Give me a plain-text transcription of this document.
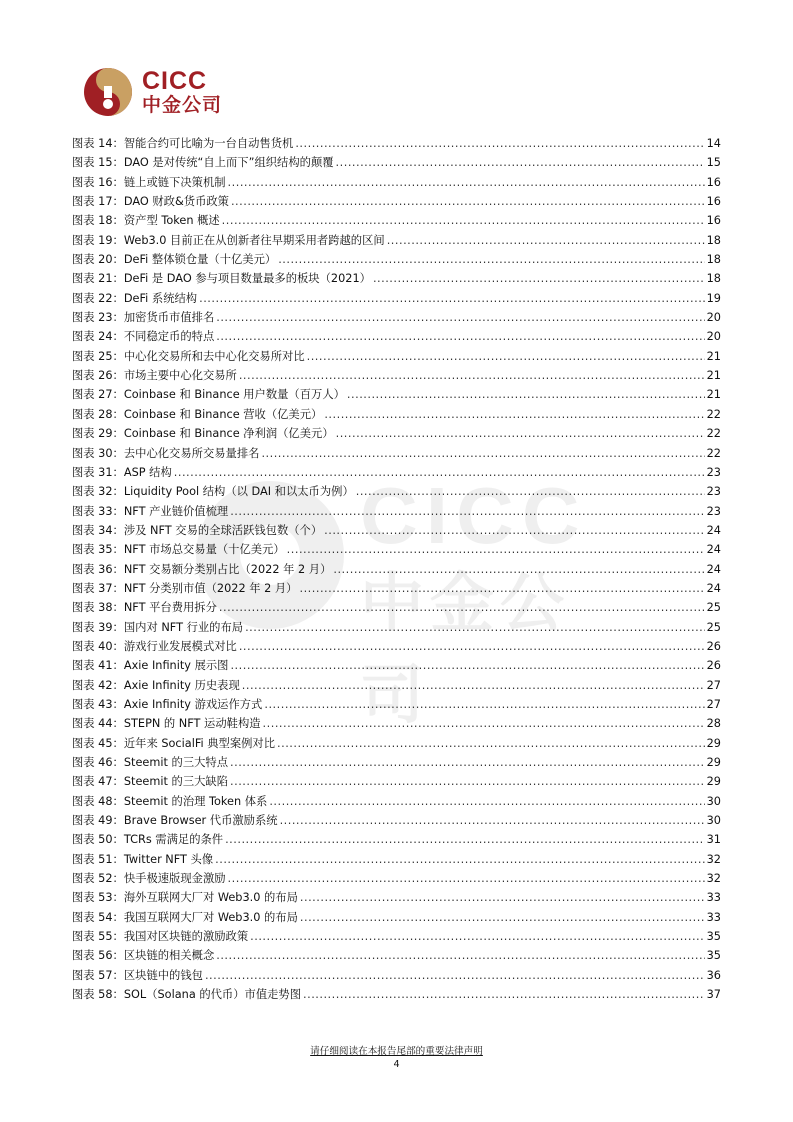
CICC
中金公司
CICC
中金公司
图表 14： 智能合约可比喻为一台自动售货机 .....	14
图表 15： DAO 是对传统“自上而下”组织结构的颠覆 .....	15
图表 16： 链上或链下决策机制 .....	16
图表 17： DAO 财政&货币政策 .....	16
图表 18： 资产型 Token 概述 .....	16
图表 19： Web3.0 目前正在从创新者往早期采用者跨越的区间 .....	18
图表 20： DeFi 整体锁仓量（十亿美元） .....	18
图表 21： DeFi 是 DAO 参与项目数量最多的板块（2021） .....	18
图表 22： DeFi 系统结构 .....	19
图表 23： 加密货币市值排名 .....	20
图表 24： 不同稳定币的特点 .....	20
图表 25： 中心化交易所和去中心化交易所对比 .....	21
图表 26： 市场主要中心化交易所 .....	21
图表 27： Coinbase 和 Binance 用户数量（百万人） .....	21
图表 28： Coinbase 和 Binance 营收（亿美元） .....	22
图表 29： Coinbase 和 Binance 净利润（亿美元） .....	22
图表 30： 去中心化交易所交易量排名 .....	22
图表 31： ASP 结构 .....	23
图表 32： Liquidity Pool 结构（以 DAI 和以太币为例） .....	23
图表 33： NFT 产业链价值梳理 .....	23
图表 34： 涉及 NFT 交易的全球活跃钱包数（个） .....	24
图表 35： NFT 市场总交易量（十亿美元） .....	24
图表 36： NFT 交易额分类别占比（2022 年 2 月） .....	24
图表 37： NFT 分类别市值（2022 年 2 月） .....	24
图表 38： NFT 平台费用拆分 .....	25
图表 39： 国内对 NFT 行业的布局 .....	25
图表 40： 游戏行业发展模式对比 .....	26
图表 41： Axie Infinity 展示图 .....	26
图表 42： Axie Infinity 历史表现 .....	27
图表 43： Axie Infinity 游戏运作方式 .....	27
图表 44： STEPN 的 NFT 运动鞋构造 .....	28
图表 45： 近年来 SocialFi 典型案例对比 .....	29
图表 46： Steemit 的三大特点 .....	29
图表 47： Steemit 的三大缺陷 .....	29
图表 48： Steemit 的治理 Token 体系 .....	30
图表 49： Brave Browser 代币激励系统 .....	30
图表 50： TCRs 需满足的条件 .....	31
图表 51： Twitter NFT 头像 .....	32
图表 52： 快手极速版现金激励 .....	32
图表 53： 海外互联网大厂对 Web3.0 的布局 .....	33
图表 54： 我国互联网大厂对 Web3.0 的布局 .....	33
图表 55： 我国对区块链的激励政策 .....	35
图表 56： 区块链的相关概念 .....	35
图表 57： 区块链中的钱包 .....	36
图表 58： SOL（Solana 的代币）市值走势图 .....	37
请仔细阅读在本报告尾部的重要法律声明
4
